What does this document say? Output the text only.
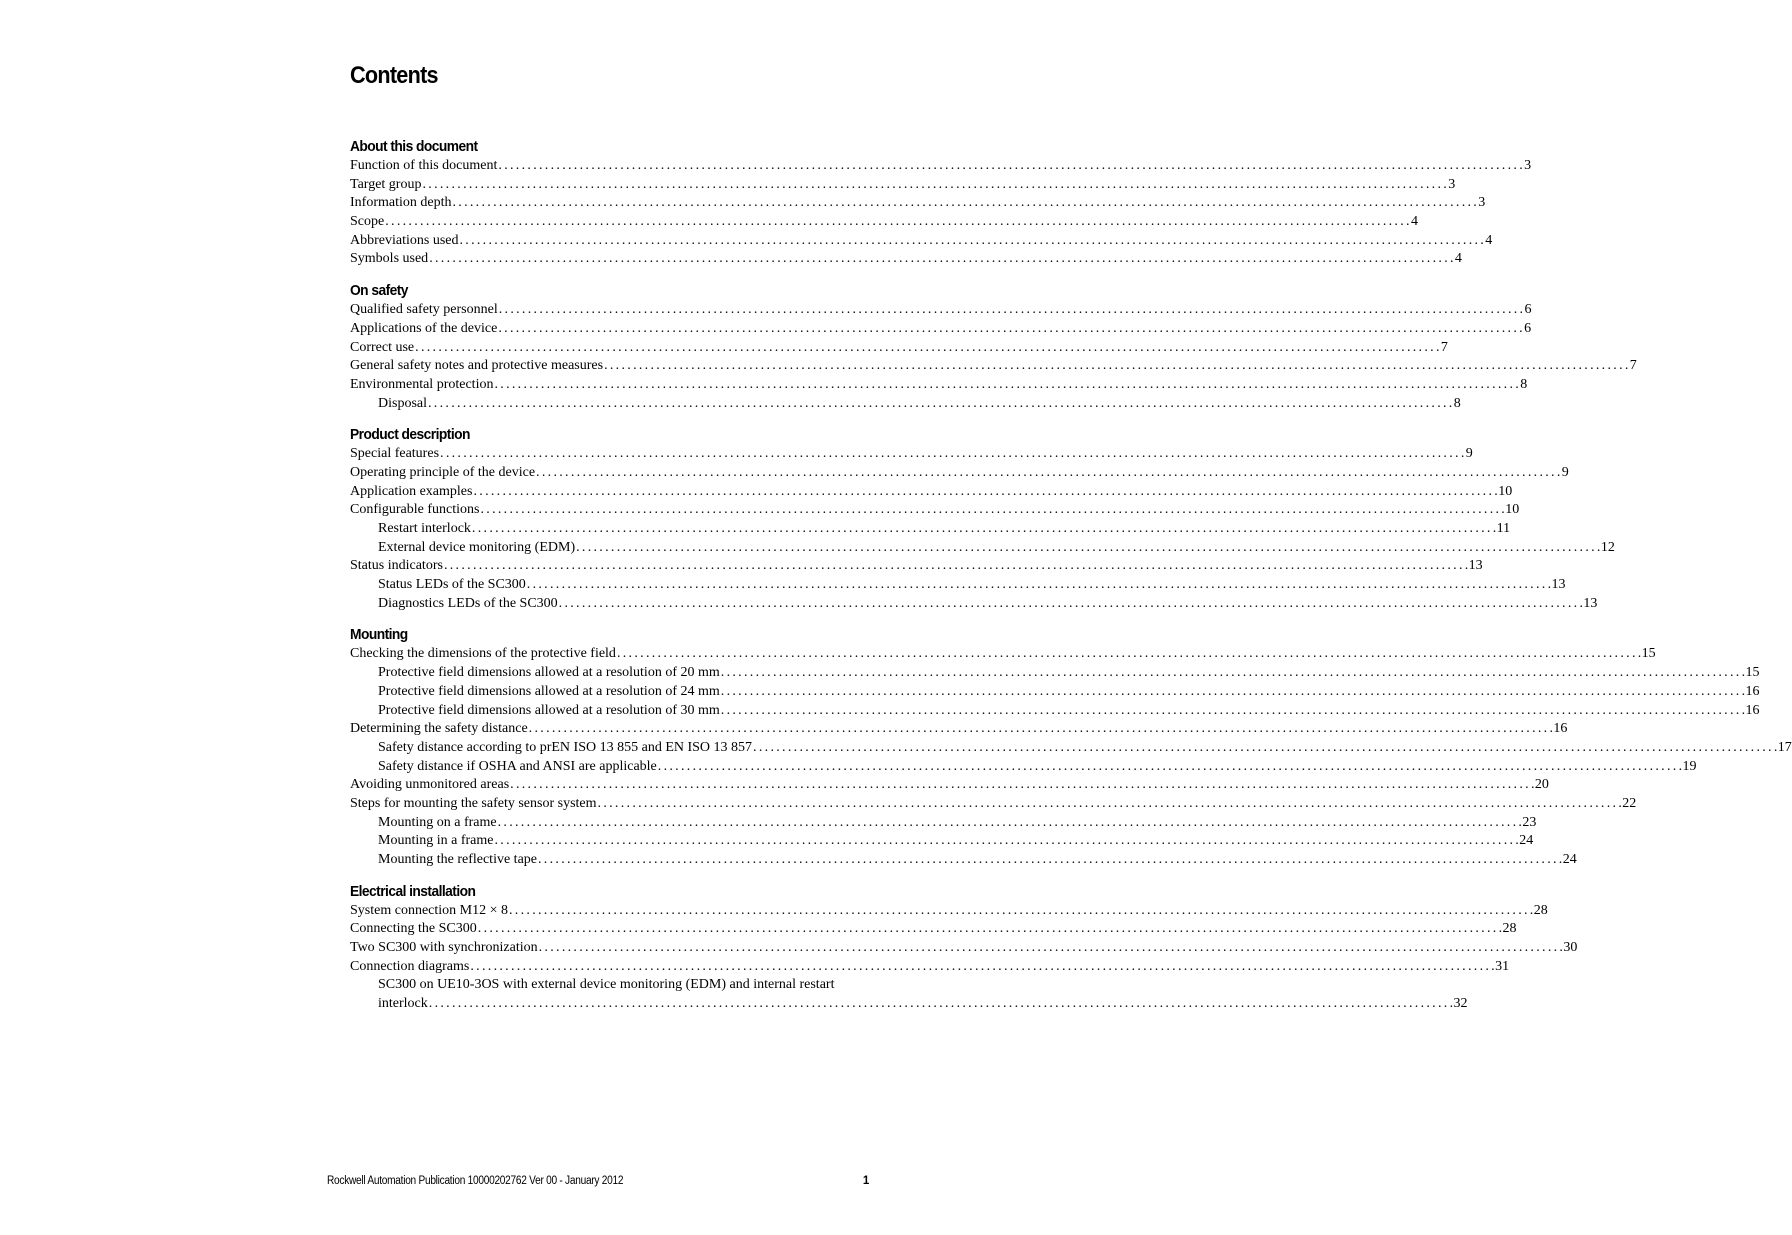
Contents
About this document
Function of this document . . .	3
Target group . . .	3
Information depth . . .	3
Scope . . .	4
Abbreviations used . . .	4
Symbols used . . .	4
On safety
Qualified safety personnel . . .	6
Applications of the device . . .	6
Correct use . . .	7
General safety notes and protective measures . . .	7
Environmental protection . . .	8
Disposal . . .	8
Product description
Special features . . .	9
Operating principle of the device . . .	9
Application examples . . .	10
Configurable functions . . .	10
Restart interlock . . .	11
External device monitoring (EDM) . . .	12
Status indicators . . .	13
Status LEDs of the SC300 . . .	13
Diagnostics LEDs of the SC300 . . .	13
Mounting
Checking the dimensions of the protective field . . .	15
Protective field dimensions allowed at a resolution of 20 mm . . .	15
Protective field dimensions allowed at a resolution of 24 mm . . .	16
Protective field dimensions allowed at a resolution of 30 mm . . .	16
Determining the safety distance . . .	16
Safety distance according to prEN ISO 13 855 and EN ISO 13 857 . . .	17
Safety distance if OSHA and ANSI are applicable . . .	19
Avoiding unmonitored areas . . .	20
Steps for mounting the safety sensor system . . .	22
Mounting on a frame . . .	23
Mounting in a frame . . .	24
Mounting the reflective tape . . .	24
Electrical installation
System connection M12 × 8 . . .	28
Connecting the SC300 . . .	28
Two SC300 with synchronization . . .	30
Connection diagrams . . .	31
SC300 on UE10-3OS with external device monitoring (EDM) and internal restart
interlock . . .	32
Rockwell Automation Publication 10000202762 Ver 00 - January 2012	1
